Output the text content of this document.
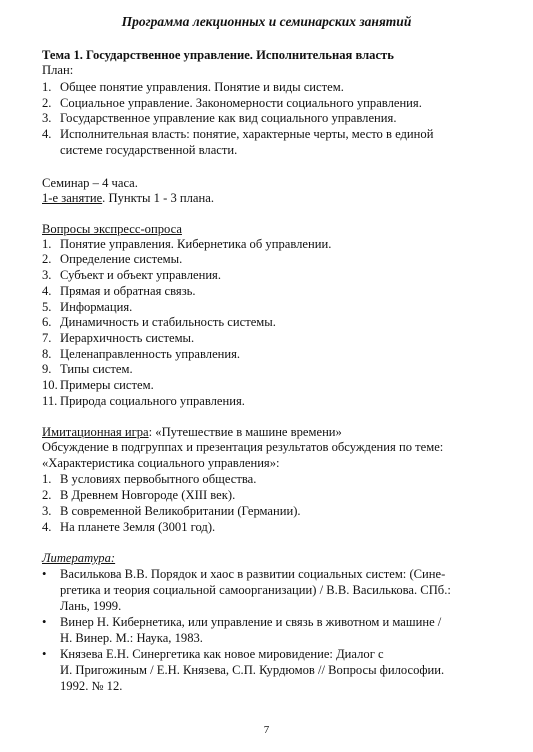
Программа лекционных и семинарских занятий
Тема 1. Государственное управление. Исполнительная власть
План:
1. Общее понятие управления. Понятие и виды систем.
2. Социальное управление. Закономерности социального управления.
3. Государственное управление как вид социального управления.
4. Исполнительная власть: понятие, характерные черты, место в единой
системе государственной власти.
Семинар – 4 часа.
1-е занятие. Пункты 1 - 3 плана.
Вопросы экспресс-опроса
1. Понятие управления. Кибернетика об управлении.
2. Определение системы.
3. Субъект и объект управления.
4. Прямая и обратная связь.
5. Информация.
6. Динамичность и стабильность системы.
7. Иерархичность системы.
8. Целенаправленность управления.
9. Типы систем.
10. Примеры систем.
11. Природа социального управления.
Имитационная игра: «Путешествие в машине времени»
Обсуждение в подгруппах и презентация результатов обсуждения по теме:
«Характеристика социального управления»:
1. В условиях первобытного общества.
2. В Древнем Новгороде (XIII век).
3. В современной Великобритании (Германии).
4. На планете Земля (3001 год).
Литература:
• Василькова В.В. Порядок и хаос в развитии социальных систем: (Сине-
ргетика и теория социальной самоорганизации) / В.В. Василькова. СПб.:
Лань, 1999.
• Винер Н. Кибернетика, или управление и связь в животном и машине /
Н. Винер. М.: Наука, 1983.
• Князева Е.Н. Синергетика как новое мировидение: Диалог с
И. Пригожиным / Е.Н. Князева, С.П. Курдюмов // Вопросы философии.
1992. № 12.
7
